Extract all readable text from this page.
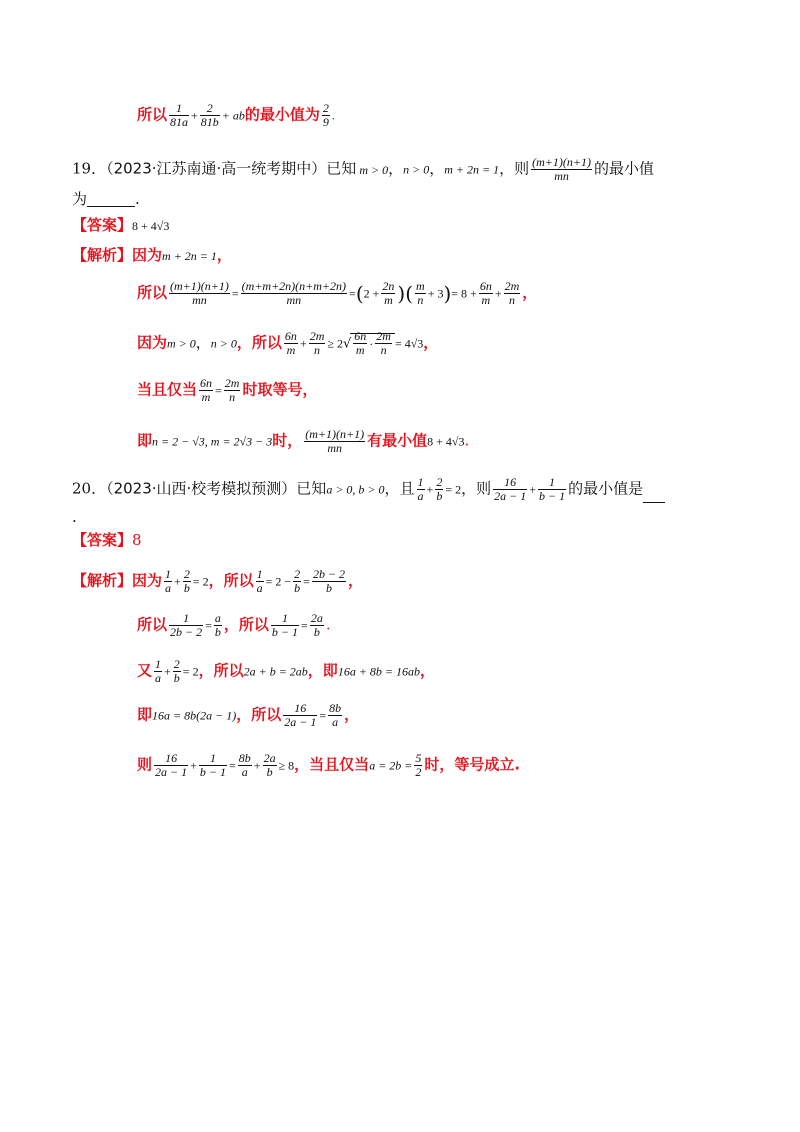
所以 $\frac{1}{81a} + \frac{2}{81b}$ + ab的最小值为 $\frac{2}{9}$ .
19．（2023·江苏南通·高一统考期中）已知 m > 0，n > 0，m + 2n = 1，则 $\frac{(m+1)(n+1)}{mn}$ 的最小值
为	.
【答案】8 + 4√3
【解析】因为m + 2n = 1，
所以 $\frac{(m+1)(n+1)}{mn} = \frac{(m+m+2n)(n+m+2n)}{mn} =(2 + \frac{2n}{m}$ )( $\frac{m}{n} + 3)= 8 + \frac{6n}{m} + \frac{2m}{n}$ ，
因为m > 0，n > 0，所以 $\frac{6n}{m} + \frac{2m}{n} \ge 2√ \frac{6n}{m} \cdot \frac{2m}{n} = 4√3$，
当且仅当 $\frac{6n}{m} = \frac{2m}{n}$ 时取等号，
即n = 2 − √3, m = 2√3 − 3时， $\frac{(m+1)(n+1)}{mn}$ 有最小值8 + 4√3.
20．（2023·山西·校考模拟预测）已知a > 0, b > 0，且 $\frac{1}{a} + \frac{2}{b} = 2$，则 $\frac{16}{2a - 1} + \frac{1}{b - 1}$ 的最小值是
.
【答案】8
【解析】因为 $\frac{1}{a} + \frac{2}{b} = 2$，所以 $\frac{1}{a} = 2 - \frac{2}{b} = \frac{2b - 2}{b}$ ，
所以 $\frac{1}{2b - 2} = \frac{a}{b}$ ，所以 $\frac{1}{b - 1} = \frac{2a}{b}$ .
又 $\frac{1}{a} + \frac{2}{b} = 2$，所以2a + b = 2ab，即16a + 8b = 16ab，
即16a = 8b(2a − 1)，所以 $\frac{16}{2a - 1} = \frac{8b}{a}$ ，
则 $\frac{16}{2a - 1} + \frac{1}{b - 1} = \frac{8b}{a} + \frac{2a}{b} \ge 8$，当且仅当$a = 2b = \frac{5}{2}$ 时，等号成立.
